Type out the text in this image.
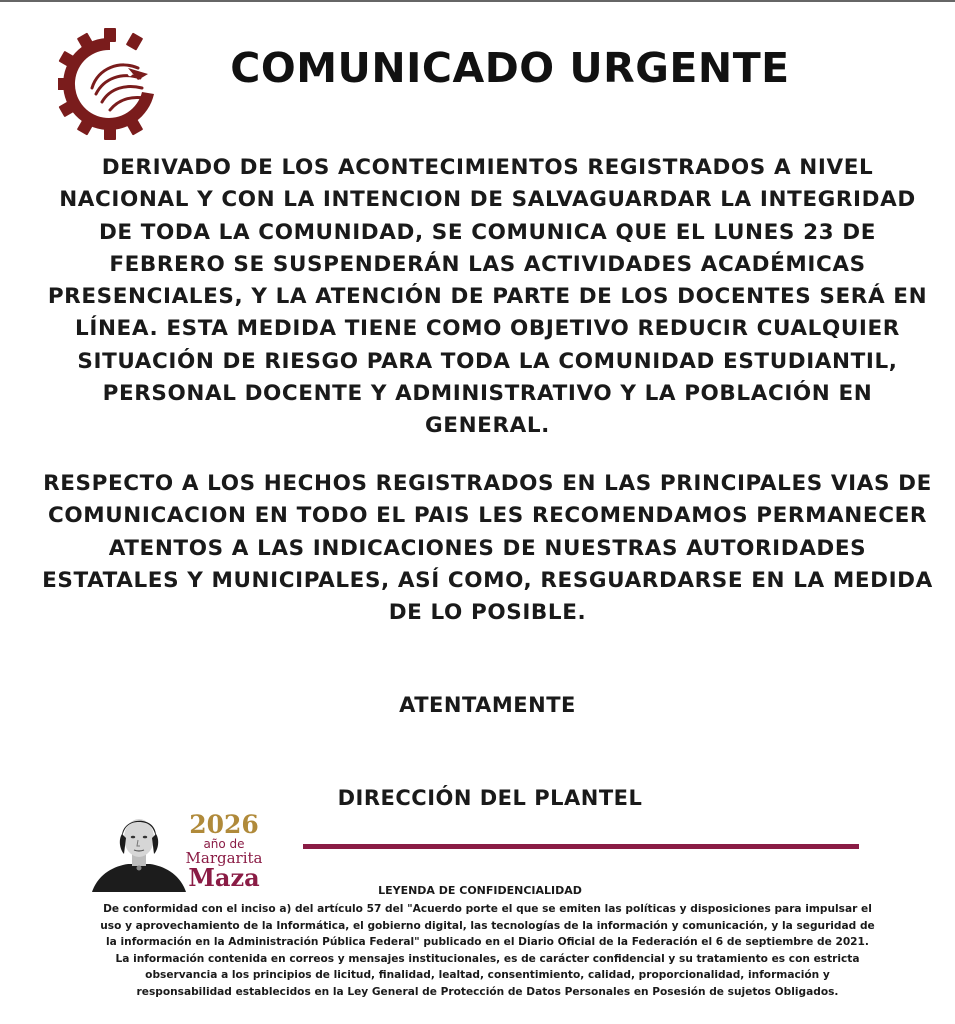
COMUNICADO URGENTE
DERIVADO DE LOS ACONTECIMIENTOS REGISTRADOS A NIVEL
NACIONAL Y CON LA INTENCION DE SALVAGUARDAR LA INTEGRIDAD
DE TODA LA COMUNIDAD, SE COMUNICA QUE EL LUNES 23 DE
FEBRERO SE SUSPENDERÁN LAS ACTIVIDADES ACADÉMICAS
PRESENCIALES, Y LA ATENCIÓN DE PARTE DE LOS DOCENTES SERÁ EN
LÍNEA. ESTA MEDIDA TIENE COMO OBJETIVO REDUCIR CUALQUIER
SITUACIÓN DE RIESGO PARA TODA LA COMUNIDAD ESTUDIANTIL,
PERSONAL DOCENTE Y ADMINISTRATIVO Y LA POBLACIÓN EN
GENERAL.
RESPECTO A LOS HECHOS REGISTRADOS EN LAS PRINCIPALES VIAS DE
COMUNICACION EN TODO EL PAIS LES RECOMENDAMOS PERMANECER
ATENTOS A LAS INDICACIONES DE NUESTRAS AUTORIDADES
ESTATALES Y MUNICIPALES, ASÍ COMO, RESGUARDARSE EN LA MEDIDA
DE LO POSIBLE.
ATENTAMENTE
DIRECCIÓN DEL PLANTEL
2026
año de
Margarita
Maza	LEYENDA DE CONFIDENCIALIDAD
De conformidad con el inciso a) del artículo 57 del "Acuerdo porte el que se emiten las políticas y disposiciones para impulsar el
uso y aprovechamiento de la Informática, el gobierno digital, las tecnologías de la información y comunicación, y la seguridad de
la información en la Administración Pública Federal" publicado en el Diario Oficial de la Federación el 6 de septiembre de 2021.
La información contenida en correos y mensajes institucionales, es de carácter confidencial y su tratamiento es con estricta
observancia a los principios de licitud, finalidad, lealtad, consentimiento, calidad, proporcionalidad, información y
responsabilidad establecidos en la Ley General de Protección de Datos Personales en Posesión de sujetos Obligados.
